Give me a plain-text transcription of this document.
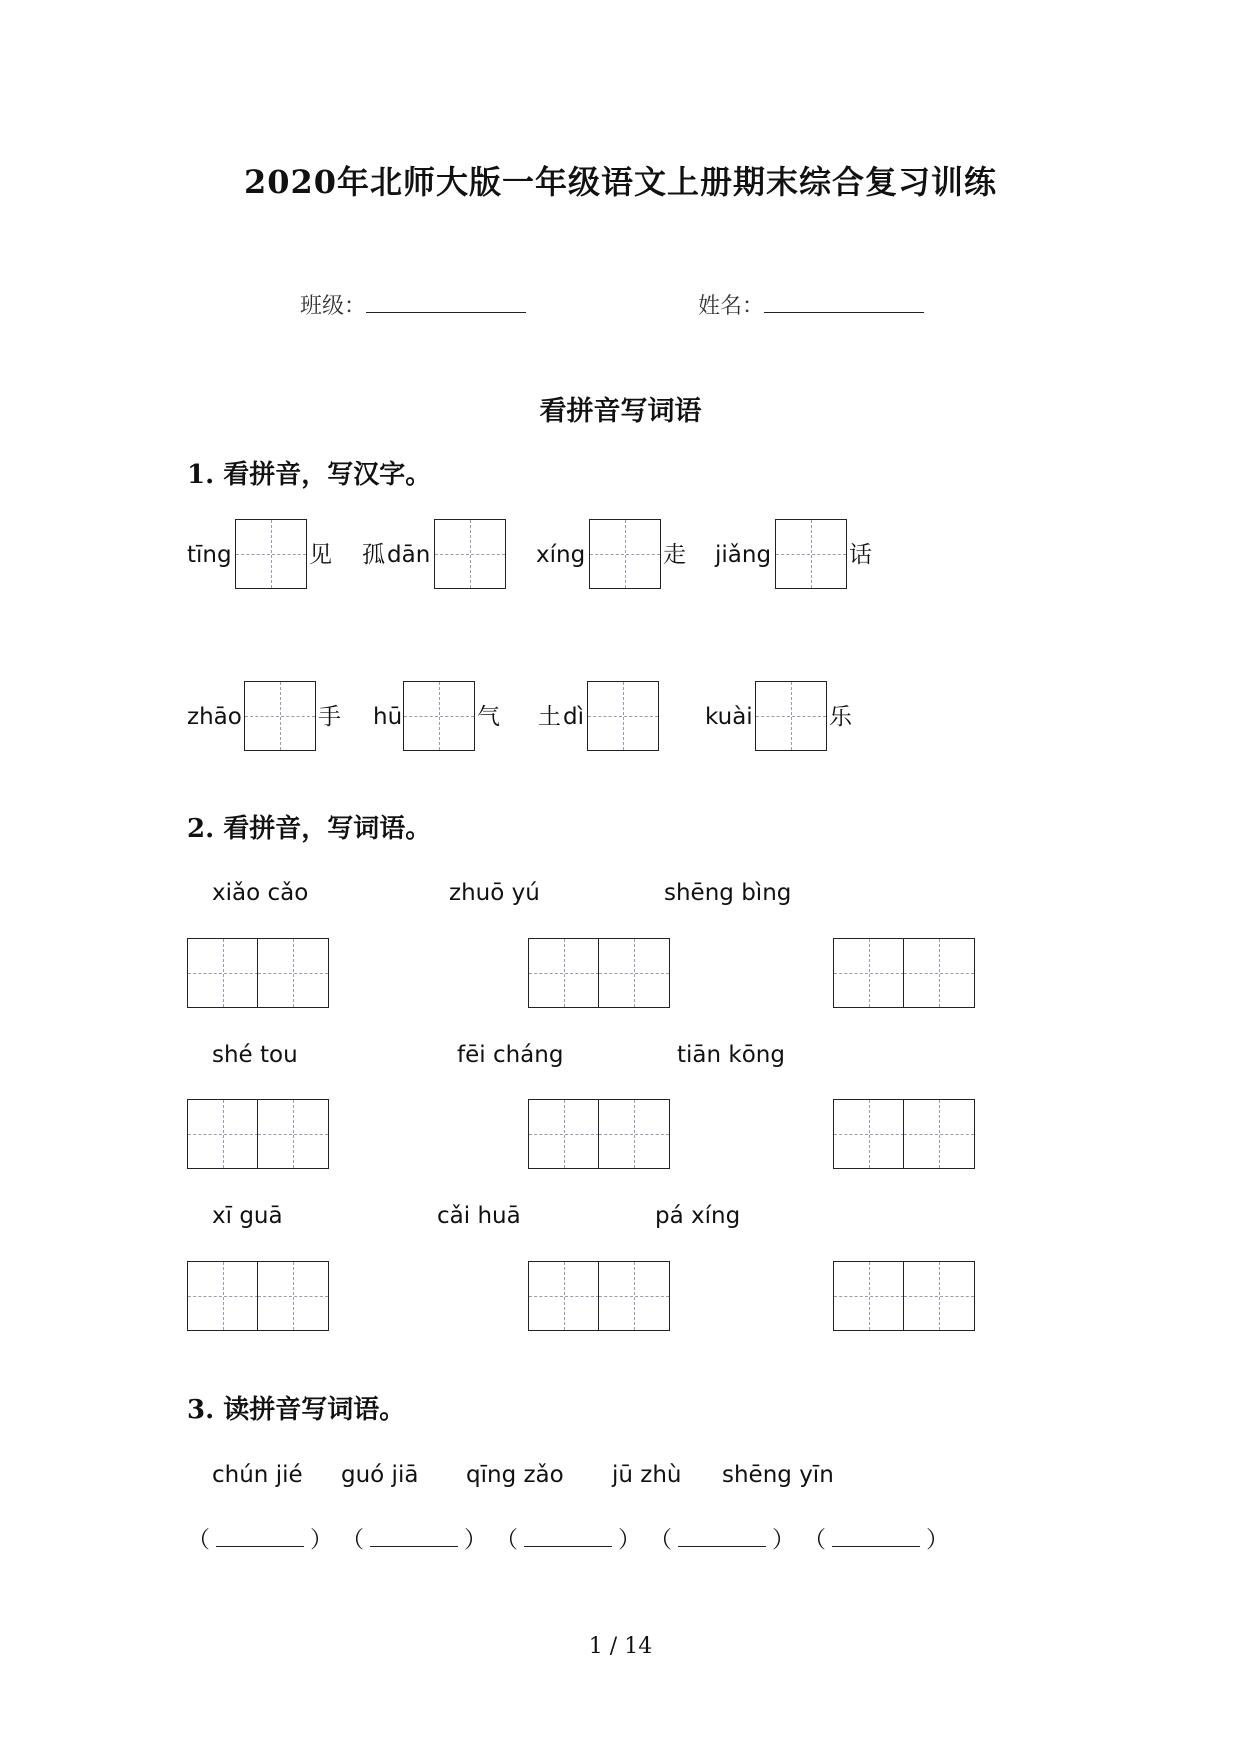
2020年北师大版一年级语文上册期末综合复习训练
班级：	姓名：
看拼音写词语
1. 看拼音，写汉字。
tīng	见 孤 dān	xíng	走 jiǎng	话
zhāo	手 hū	气 土 dì	kuài	乐
2. 看拼音，写词语。
xiǎo cǎo	zhuō yú	shēng bìng
shé tou	fēi cháng	tiān kōng
xī guā	cǎi huā	pá xíng
3. 读拼音写词语。
chún jié guó jiā qīng zǎo jū zhù shēng yīn
（	） （	） （	） （	） （	）
1 / 14
